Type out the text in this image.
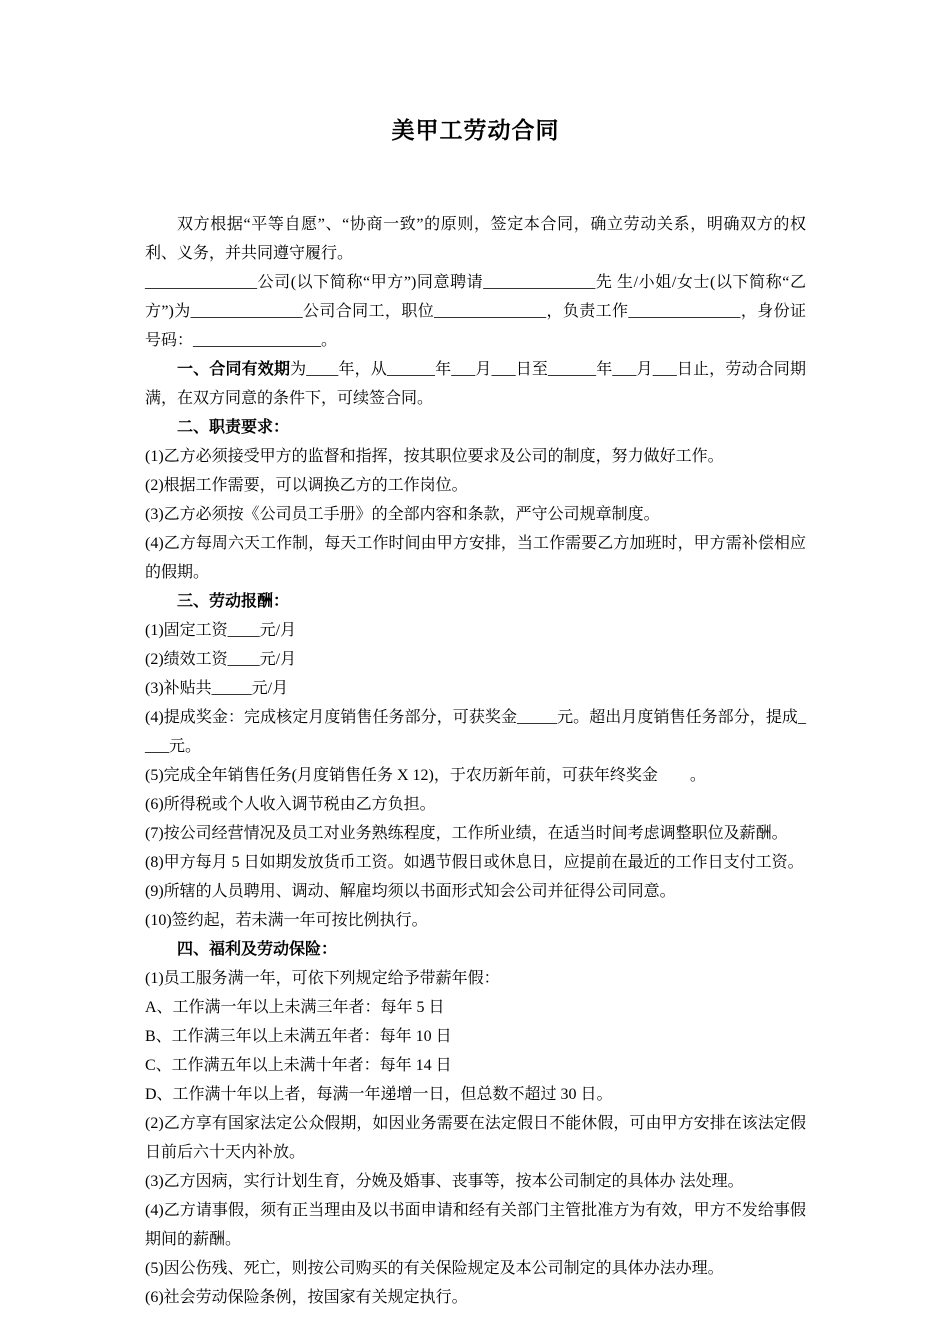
美甲工劳动合同

双方根据“平等自愿”、“协商一致”的原则，签定本合同，确立劳动关系，明确双方的权利、义务，并共同遵守履行。

______________公司(以下简称“甲方”)同意聘请______________先 生/小姐/女士(以下简称“乙方”)为______________公司合同工，职位______________，负责工作______________，身份证号码：________________。

一、合同有效期为____年，从______年___月___日至______年___月___日止，劳动合同期满，在双方同意的条件下，可续签合同。

二、职责要求：

(1)乙方必须接受甲方的监督和指挥，按其职位要求及公司的制度，努力做好工作。

(2)根据工作需要，可以调换乙方的工作岗位。

(3)乙方必须按《公司员工手册》的全部内容和条款，严守公司规章制度。

(4)乙方每周六天工作制，每天工作时间由甲方安排，当工作需要乙方加班时，甲方需补偿相应的假期。

三、劳动报酬：

(1)固定工资____元/月

(2)绩效工资____元/月

(3)补贴共_____元/月

(4)提成奖金：完成核定月度销售任务部分，可获奖金_____元。超出月度销售任务部分，提成____元。

(5)完成全年销售任务(月度销售任务 X 12)，于农历新年前，可获年终奖金　　。

(6)所得税或个人收入调节税由乙方负担。

(7)按公司经营情况及员工对业务熟练程度，工作所业绩，在适当时间考虑调整职位及薪酬。

(8)甲方每月 5 日如期发放货币工资。如遇节假日或休息日，应提前在最近的工作日支付工资。

(9)所辖的人员聘用、调动、解雇均须以书面形式知会公司并征得公司同意。

(10)签约起，若未满一年可按比例执行。

四、福利及劳动保险：

(1)员工服务满一年，可依下列规定给予带薪年假：

A、工作满一年以上未满三年者：每年 5 日

B、工作满三年以上未满五年者：每年 10 日

C、工作满五年以上未满十年者：每年 14 日

D、工作满十年以上者，每满一年递增一日，但总数不超过 30 日。

(2)乙方享有国家法定公众假期，如因业务需要在法定假日不能休假，可由甲方安排在该法定假日前后六十天内补放。

(3)乙方因病，实行计划生育，分娩及婚事、丧事等，按本公司制定的具体办 法处理。

(4)乙方请事假，须有正当理由及以书面申请和经有关部门主管批准方为有效，甲方不发给事假期间的薪酬。

(5)因公伤残、死亡，则按公司购买的有关保险规定及本公司制定的具体办法办理。

(6)社会劳动保险条例，按国家有关规定执行。
